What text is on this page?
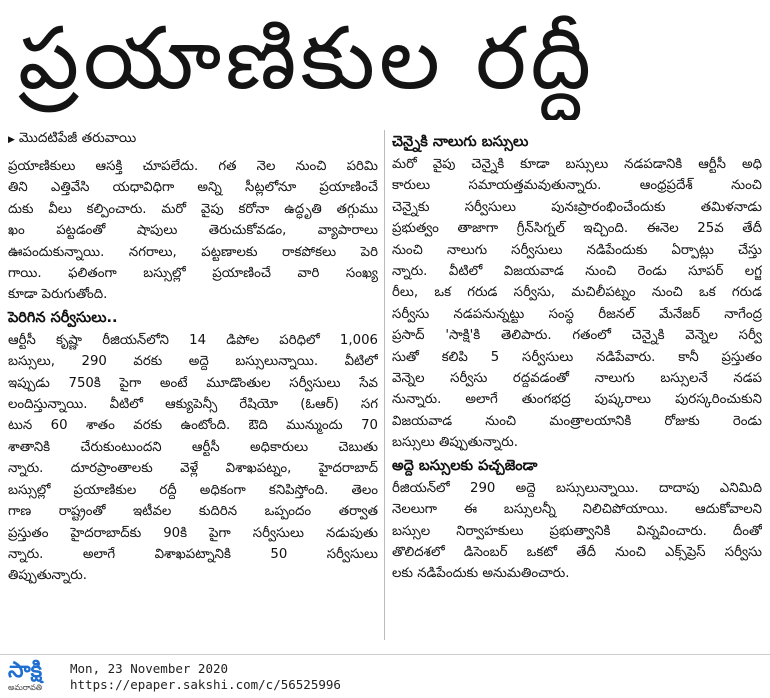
ప్రయాణికుల రద్దీ
▶ మొదటిపేజీ తరువాయి
ప్రయాణికులు ఆసక్తి చూపలేదు. గత నెల నుంచి పరిమి
తిని ఎత్తివేసి యధావిధిగా అన్ని సీట్లలోనూ ప్రయాణించే
దుకు వీలు కల్పించారు. మరో వైపు కరోనా ఉద్ధృతి తగ్గుము
ఖం పట్టడంతో షాపులు తెరుచుకోవడం, వ్యాపారాలు
ఊపందుకున్నాయి. నగరాలు, పట్టణాలకు రాకపోకలు పెరి
గాయి. ఫలితంగా బస్సుల్లో ప్రయాణించే వారి సంఖ్య
కూడా పెరుగుతోంది.
పెరిగిన సర్వీసులు..
ఆర్టీసీ కృష్ణా రీజియన్‌లోని 14 డిపోల పరిధిలో 1,006
బస్సులు, 290 వరకు అద్దె బస్సులున్నాయి. వీటిలో
ఇప్పుడు 750కి పైగా అంటే మూడొంతుల సర్వీసులు సేవ
లందిస్తున్నాయి. వీటిలో ఆక్యుపెన్సీ రేషియో (ఓఆర్) సగ
టున 60 శాతం వరకు ఉంటోంది. ఔది మున్ముందు 70
శాతానికి చేరుకుంటుందని ఆర్టీసీ అధికారులు చెబుతు
న్నారు. దూరప్రాంతాలకు వెళ్లే విశాఖపట్నం, హైదరాబాద్
బస్సుల్లో ప్రయాణికుల రద్దీ అధికంగా కనిపిస్తోంది. తెలం
గాణ రాష్ట్రంతో ఇటీవల కుదిరిన ఒప్పందం తర్వాత
ప్రస్తుతం హైదరాబాద్‌కు 90కి పైగా సర్వీసులు నడుపుతు
న్నారు. అలాగే విశాఖపట్నానికి 50 సర్వీసులు
తిప్పుతున్నారు.
చెన్నైకి నాలుగు బస్సులు
మరో వైపు చెన్నైకి కూడా బస్సులు నడపడానికి ఆర్టీసీ అధి
కారులు సమాయత్తమవుతున్నారు. ఆంధ్రప్రదేశ్ నుంచి
చెన్నైకు సర్వీసులు పునఃప్రారంభించేందుకు తమిళనాడు
ప్రభుత్వం తాజాగా గ్రీన్‌సిగ్నల్ ఇచ్చింది. ఈనెల 25వ తేదీ
నుంచి నాలుగు సర్వీసులు నడిపేందుకు ఏర్పాట్లు చేస్తు
న్నారు. వీటిలో విజయవాడ నుంచి రెండు సూపర్ లగ్జ
రీలు, ఒక గరుడ సర్వీసు, మచిలీపట్నం నుంచి ఒక గరుడ
సర్వీసు నడపనున్నట్టు సంస్థ రీజనల్ మేనేజర్ నాగేంద్ర
ప్రసాద్ 'సాక్షి'కి తెలిపారు. గతంలో చెన్నైకి వెన్నెల సర్వీ
సుతో కలిపి 5 సర్వీసులు నడిపేవారు. కానీ ప్రస్తుతం
వెన్నెల సర్వీసు రద్దవడంతో నాలుగు బస్సులనే నడప
నున్నారు. అలాగే తుంగభద్ర పుష్కరాలు పురస్కరించుకుని
విజయవాడ నుంచి మంత్రాలయానికి రోజుకు రెండు
బస్సులు తిప్పుతున్నారు.
అద్దె బస్సులకు పచ్చజెండా
రీజియన్‌లో 290 అద్దె బస్సులున్నాయి. దాదాపు ఎనిమిది
నెలలుగా ఈ బస్సులన్నీ నిలిచిపోయాయి. ఆదుకోవాలని
బస్సుల నిర్వాహకులు ప్రభుత్వానికి విన్నవించారు. దీంతో
తొలిదశలో డిసెంబర్ ఒకటో తేదీ నుంచి ఎక్స్‌ప్రెస్ సర్వీసు
లకు నడిపేందుకు అనుమతించారు.
సాక్షి
అమరావతి
Mon, 23 November 2020
https://epaper.sakshi.com/c/56525996
